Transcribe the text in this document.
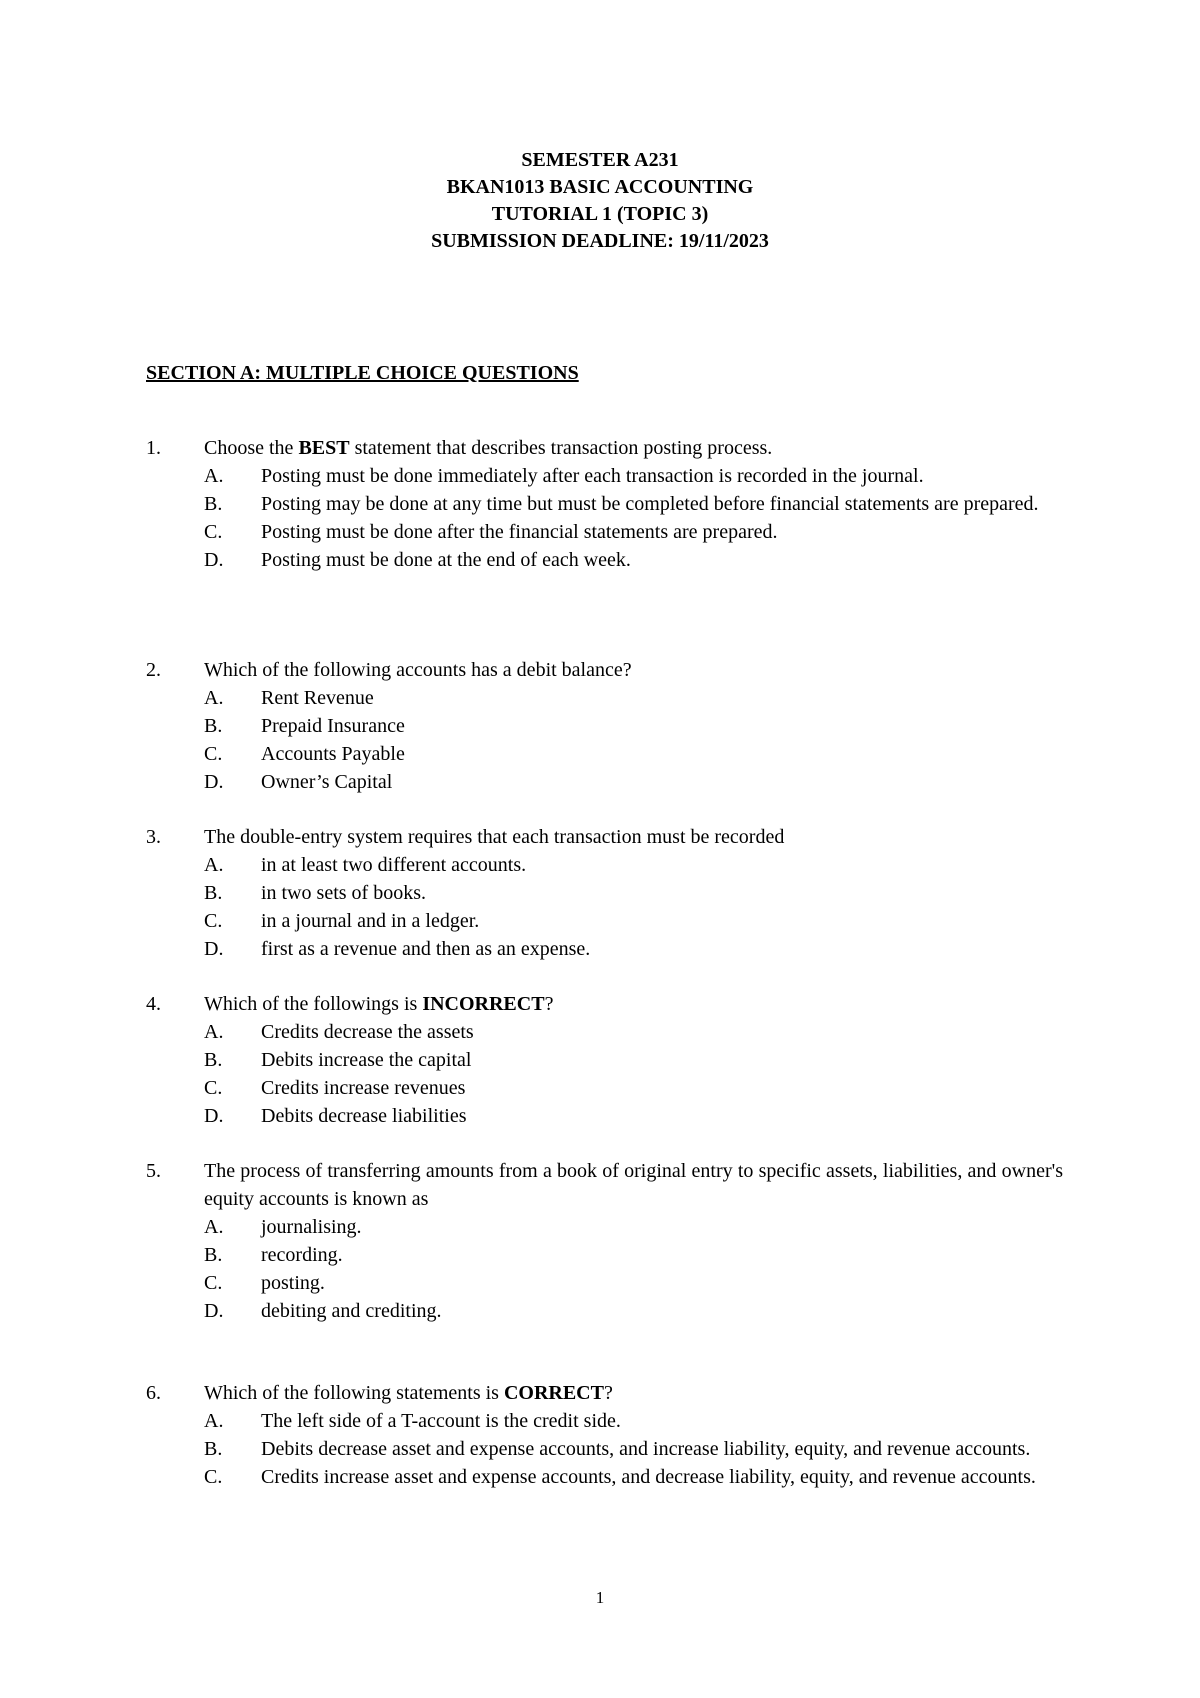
SEMESTER A231
BKAN1013 BASIC ACCOUNTING
TUTORIAL 1 (TOPIC 3)
SUBMISSION DEADLINE: 19/11/2023
SECTION A: MULTIPLE CHOICE QUESTIONS
1.	Choose the BEST statement that describes transaction posting process.
A.	Posting must be done immediately after each transaction is recorded in the journal.
B.	Posting may be done at any time but must be completed before financial statements are prepared.
C.	Posting must be done after the financial statements are prepared.
D.	Posting must be done at the end of each week.
2.	Which of the following accounts has a debit balance?
A.	Rent Revenue
B.	Prepaid Insurance
C.	Accounts Payable
D.	Owner’s Capital
3.	The double-entry system requires that each transaction must be recorded
A.	in at least two different accounts.
B.	in two sets of books.
C.	in a journal and in a ledger.
D.	first as a revenue and then as an expense.
4.	Which of the followings is INCORRECT?
A.	Credits decrease the assets
B.	Debits increase the capital
C.	Credits increase revenues
D.	Debits decrease liabilities
5.	The process of transferring amounts from a book of original entry to specific assets, liabilities, and owner's equity accounts is known as
A.	journalising.
B.	recording.
C.	posting.
D.	debiting and crediting.
6.	Which of the following statements is CORRECT?
A.	The left side of a T-account is the credit side.
B.	Debits decrease asset and expense accounts, and increase liability, equity, and revenue accounts.
C.	Credits increase asset and expense accounts, and decrease liability, equity, and revenue accounts.
1
